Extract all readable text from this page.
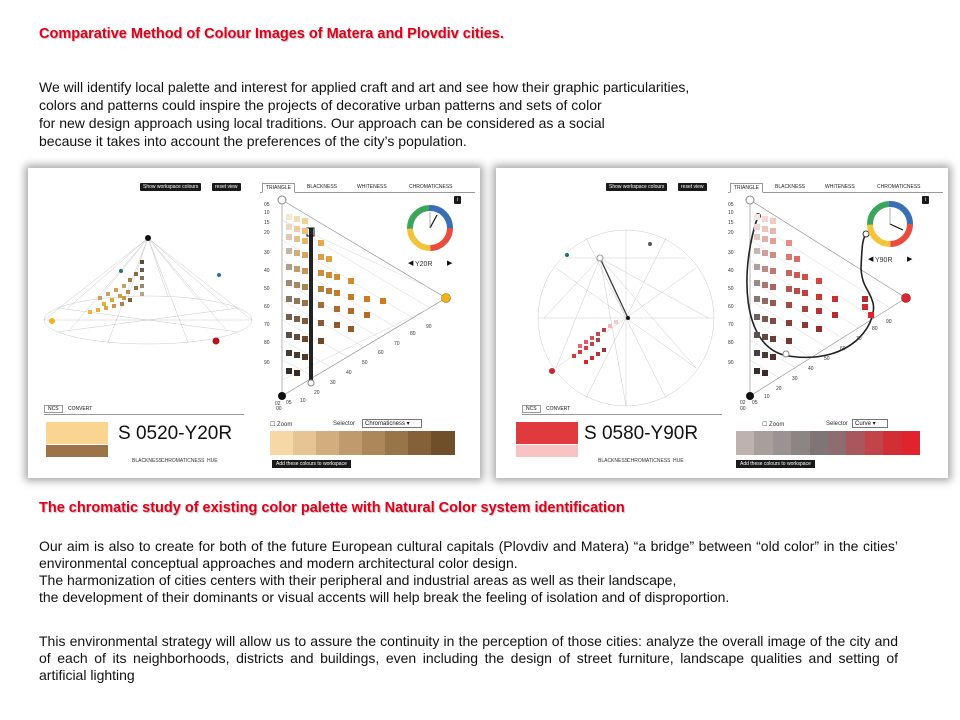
Comparative Method of Colour Images of Matera and Plovdiv cities.
We will identify local palette and interest for applied craft and art and see how their graphic particularities,
colors and patterns could inspire the projects of decorative urban patterns and sets of color
for new design approach using local traditions. Our approach can be considered as a social
because it takes into account the preferences of the city’s population.
Show workspace colours	reset view	TRIANGLE	BLACKNESS	WHITENESS	CHROMATICNESS
i
◀	▶
05
10
15
20
30
40
50
60
70
80
90
00
02 05 10
20
30
40
50
60
70
80
90
Y20R
NCS CONVERT
S 0520-Y20R
BLACKNESS
CHROMATICNESS HUE
☐ Zoom	Selector	Chromaticness ▾
Add these colours to workspace
Show workspace colours	reset view	TRIANGLE	BLACKNESS	WHITENESS	CHROMATICNESS
i
◀	▶
05
10
15
20
30
40
50
60
70
80
90
00
02 05
10
20
30
40
50
60
70
80
90
Y90R
NCS CONVERT
S 0580-Y90R
BLACKNESS
CHROMATICNESS HUE
☐ Zoom	Selector	Curve ▾
Add these colours to workspace
The chromatic study of existing color palette with Natural Color system identification
Our aim is also to create for both of the future European cultural capitals (Plovdiv and Matera) “a bridge” between “old color” in the cities’ environmental conceptual approaches and modern architectural color design.
The harmonization of cities centers with their peripheral and industrial areas as well as their landscape,
the development of their dominants or visual accents will help break the feeling of isolation and of disproportion.
This environmental strategy will allow us to assure the continuity in the perception of those cities: analyze the overall image of the city and of each of its neighborhoods, districts and buildings, even including the design of street furniture, landscape qualities and setting of artificial lighting
